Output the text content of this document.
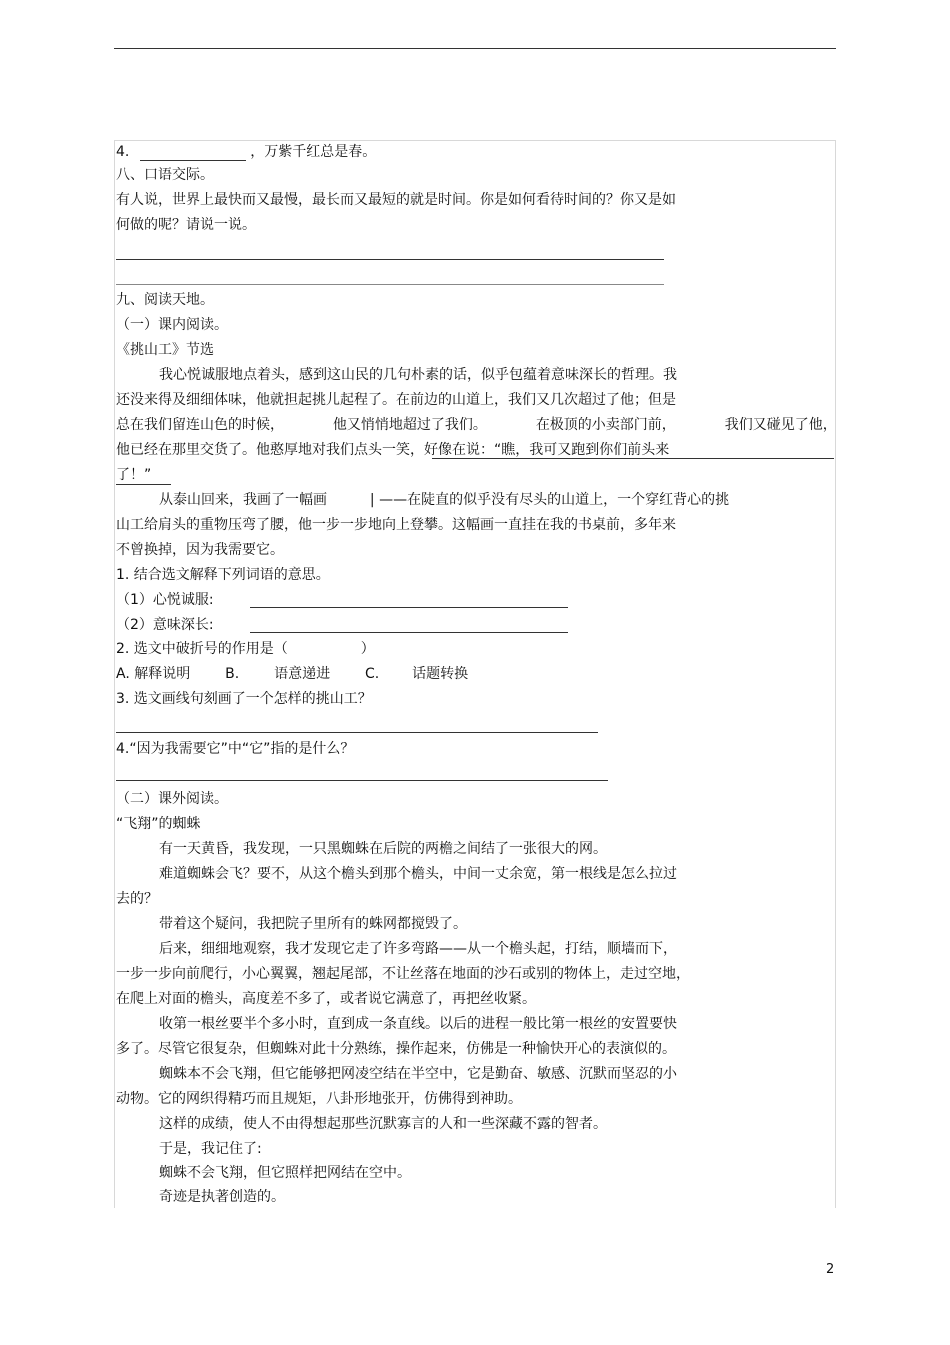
4.	，万紫千红总是春。
八、口语交际。
有人说，世界上最快而又最慢，最长而又最短的就是时间。你是如何看待时间的？你又是如
何做的呢？请说一说。
九、阅读天地。
（一）课内阅读。
《挑山工》节选
我心悦诚服地点着头，感到这山民的几句朴素的话，似乎包蕴着意味深长的哲理。我
还没来得及细细体味，他就担起挑儿起程了。在前边的山道上，我们又几次超过了他；但是
总在我们留连山色的时候，	他又悄悄地超过了我们。	在极顶的小卖部门前，	我们又碰见了他，
他已经在那里交货了。他憨厚地对我们点头一笑，好像在说：“瞧，我可又跑到你们前头来
了！”
从泰山回来，我画了一幅画	| ——在陡直的似乎没有尽头的山道上，一个穿红背心的挑
山工给肩头的重物压弯了腰，他一步一步地向上登攀。这幅画一直挂在我的书桌前，多年来
不曾换掉，因为我需要它。
1. 结合选文解释下列词语的意思。
（1）心悦诚服:
（2）意味深长:
2. 选文中破折号的作用是（	）
A. 解释说明 B. 语意递进 C. 话题转换
3. 选文画线句刻画了一个怎样的挑山工？
4.“因为我需要它”中“它”指的是什么？
（二）课外阅读。
“飞翔”的蜘蛛
有一天黄昏，我发现，一只黑蜘蛛在后院的两檐之间结了一张很大的网。
难道蜘蛛会飞？要不，从这个檐头到那个檐头，中间一丈余宽，第一根线是怎么拉过
去的？
带着这个疑问，我把院子里所有的蛛网都搅毁了。
后来，细细地观察，我才发现它走了许多弯路——从一个檐头起，打结，顺墙而下，
一步一步向前爬行，小心翼翼，翘起尾部，不让丝落在地面的沙石或别的物体上，走过空地，
在爬上对面的檐头，高度差不多了，或者说它满意了，再把丝收紧。
收第一根丝要半个多小时，直到成一条直线。以后的进程一般比第一根丝的安置要快
多了。尽管它很复杂，但蜘蛛对此十分熟练，操作起来，仿佛是一种愉快开心的表演似的。
蜘蛛本不会飞翔，但它能够把网凌空结在半空中，它是勤奋、敏感、沉默而坚忍的小
动物。它的网织得精巧而且规矩，八卦形地张开，仿佛得到神助。
这样的成绩，使人不由得想起那些沉默寡言的人和一些深藏不露的智者。
于是，我记住了:
蜘蛛不会飞翔，但它照样把网结在空中。
奇迹是执著创造的。
2
